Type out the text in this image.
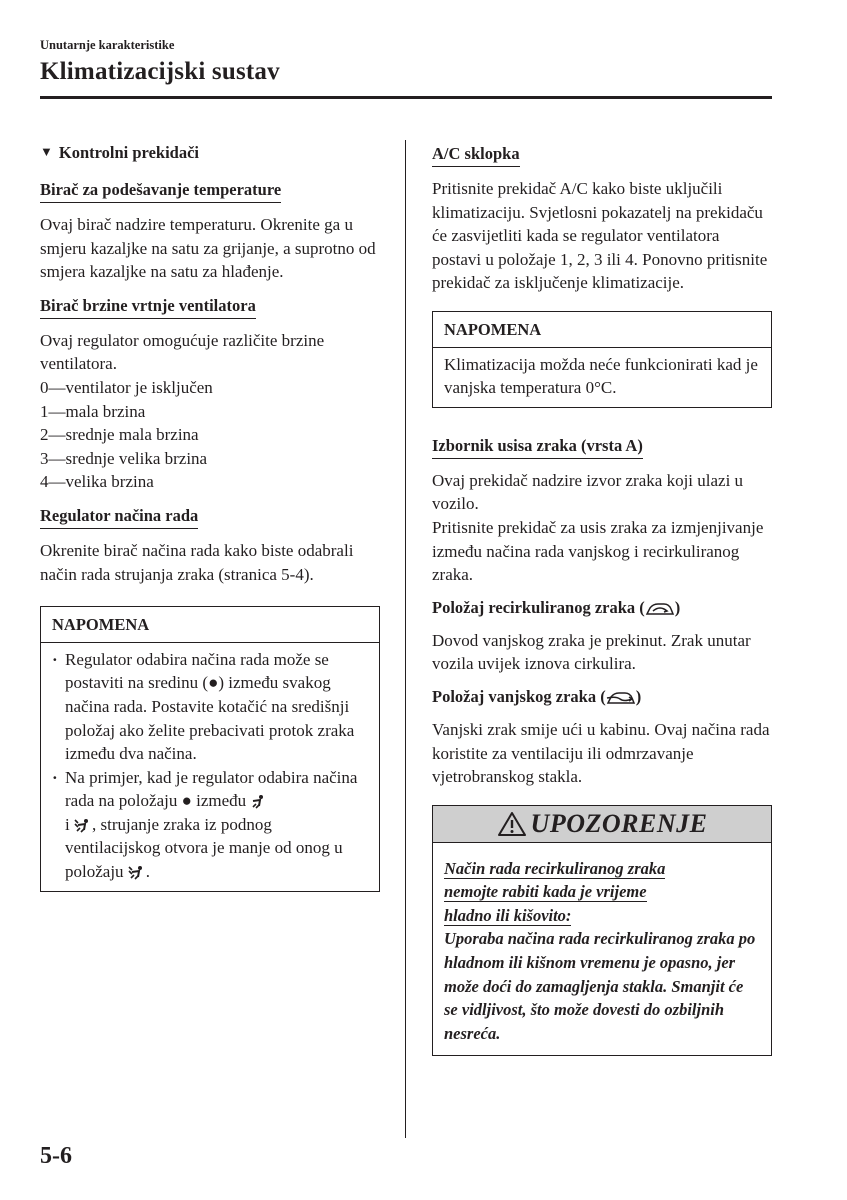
Unutarnje karakteristike
Klimatizacijski sustav
▼ Kontrolni prekidači
Birač za podešavanje temperature

Ovaj birač nadzire temperaturu. Okrenite ga u smjeru kazaljke na satu za grijanje, a suprotno od smjera kazaljke na satu za hlađenje.

Birač brzine vrtnje ventilatora

Ovaj regulator omogućuje različite brzine ventilatora.

0—ventilator je isključen

1—mala brzina

2—srednje mala brzina

3—srednje velika brzina

4—velika brzina

Regulator načina rada

Okrenite birač načina rada kako biste odabrali način rada strujanja zraka (stranica 5-4).

NAPOMENA
· Regulator odabira načina rada može se postaviti na sredinu (●) između svakog načina rada. Postavite kotačić na središnji položaj ako želite prebacivati protok zraka između dva načina.
· Na primjer, kad je regulator odabira načina rada na položaju ● između
i , strujanje zraka iz podnog ventilacijskog otvora je manje od onog u položaju .
A/C sklopka

Pritisnite prekidač A/C kako biste uključili klimatizaciju. Svjetlosni pokazatelj na prekidaču će zasvijetliti kada se regulator ventilatora postavi u položaje 1, 2, 3 ili 4. Ponovno pritisnite prekidač za isključenje klimatizacije.

NAPOMENA
Klimatizacija možda neće funkcionirati kad je vanjska temperatura 0°C.
Izbornik usisa zraka (vrsta A)

Ovaj prekidač nadzire izvor zraka koji ulazi u vozilo.

Pritisnite prekidač za usis zraka za izmjenjivanje između načina rada vanjskog i recirkuliranog zraka.

Položaj recirkuliranog zraka ( )

Dovod vanjskog zraka je prekinut. Zrak unutar vozila uvijek iznova cirkulira.

Položaj vanjskog zraka ( )

Vanjski zrak smije ući u kabinu. Ovaj načina rada koristite za ventilaciju ili odmrzavanje vjetrobranskog stakla.

UPOZORENJE
Način rada recirkuliranog zraka
nemojte rabiti kada je vrijeme
hladno ili kišovito:
Uporaba načina rada recirkuliranog zraka po hladnom ili kišnom vremenu je opasno, jer može doći do zamagljenja stakla. Smanjit će se vidljivost, što može dovesti do ozbiljnih nesreća.
5-6
